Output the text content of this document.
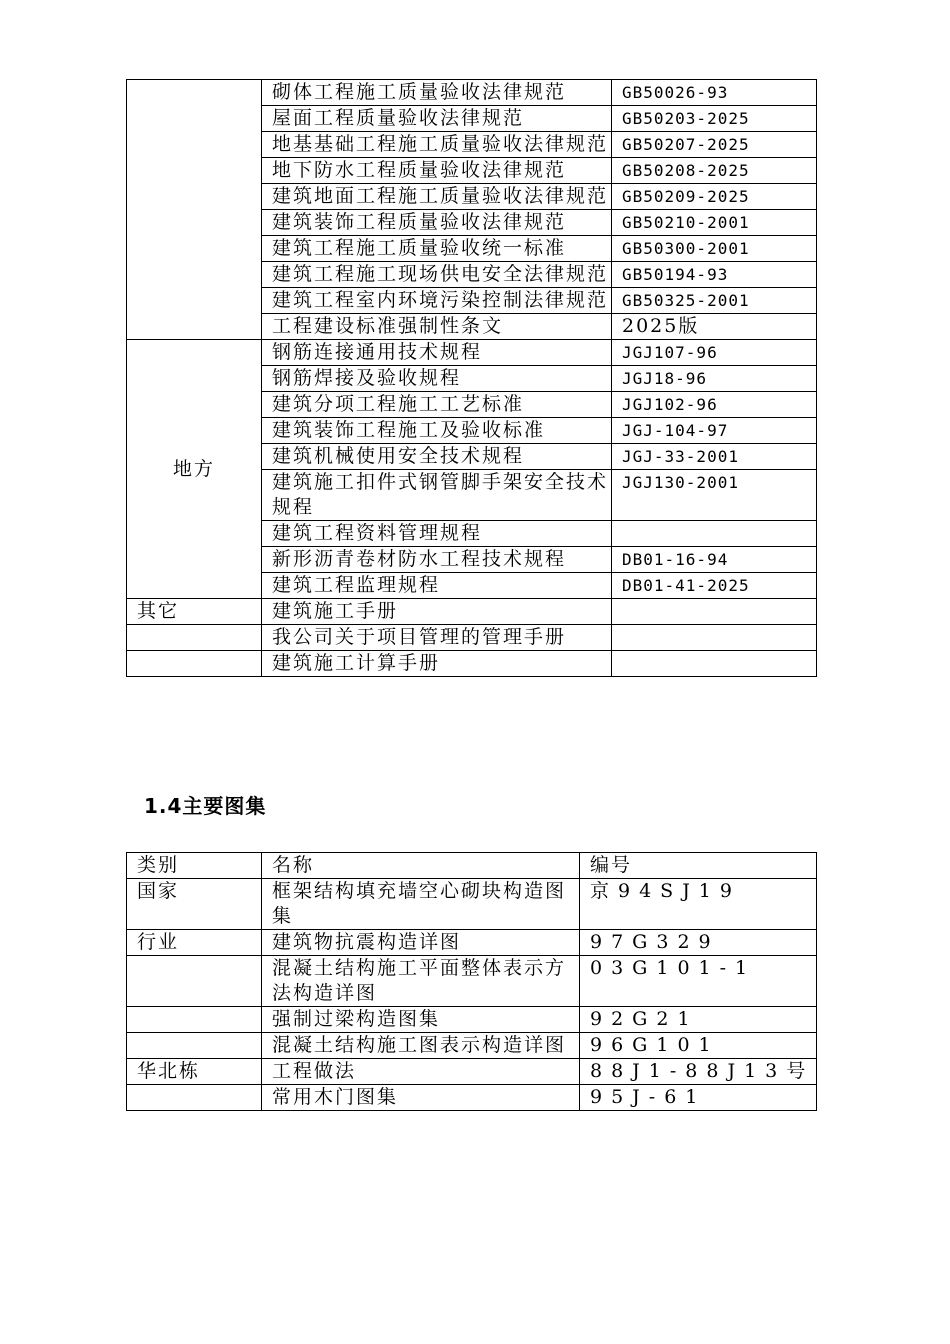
	砌体工程施工质量验收法律规范	GB50026-93
	屋面工程质量验收法律规范	GB50203-2025
	地基基础工程施工质量验收法律规范	GB50207-2025
	地下防水工程质量验收法律规范	GB50208-2025
	建筑地面工程施工质量验收法律规范	GB50209-2025
	建筑装饰工程质量验收法律规范	GB50210-2001
	建筑工程施工质量验收统一标准	GB50300-2001
	建筑工程施工现场供电安全法律规范	GB50194-93
	建筑工程室内环境污染控制法律规范	GB50325-2001
	工程建设标准强制性条文	2025版
地方	钢筋连接通用技术规程	JGJ107-96
	钢筋焊接及验收规程	JGJ18-96
	建筑分项工程施工工艺标准	JGJ102-96
	建筑装饰工程施工及验收标准	JGJ-104-97
	建筑机械使用安全技术规程	JGJ-33-2001
	建筑施工扣件式钢管脚手架安全技术规程	JGJ130-2001
	建筑工程资料管理规程	
	新形沥青卷材防水工程技术规程	DB01-16-94
	建筑工程监理规程	DB01-41-2025
其它	建筑施工手册	
	我公司关于项目管理的管理手册	
	建筑施工计算手册	
1.4主要图集
类别	名称	编号
国家	框架结构填充墙空心砌块构造图集	京94SJ19
行业	建筑物抗震构造详图	97G329
	混凝土结构施工平面整体表示方法构造详图	03G101-1
	强制过梁构造图集	92G21
	混凝土结构施工图表示构造详图	96G101
华北栋	工程做法	88J1-88J13号
	常用木门图集	95J-61
